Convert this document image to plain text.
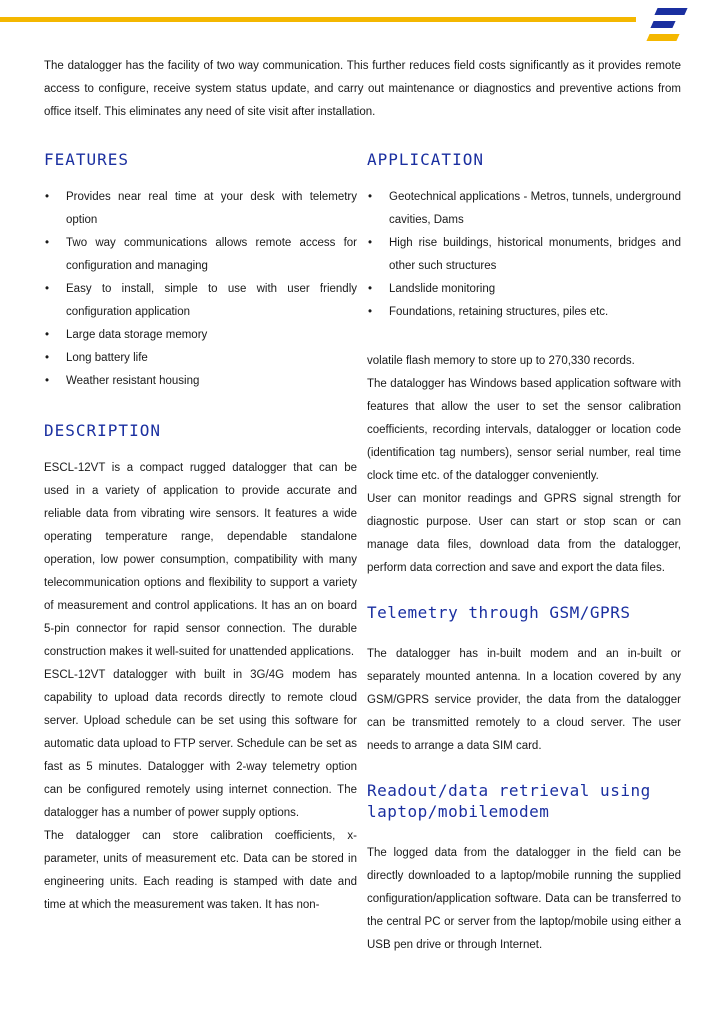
The datalogger has the facility of two way communication. This further reduces field costs significantly as it provides remote access to configure, receive system status update, and carry out maintenance or diagnostics and preventive actions from office itself. This eliminates any need of site visit after installation.

FEATURES
• Provides near real time at your desk with telemetry option
• Two way communications allows remote access for configuration and managing
• Easy to install, simple to use with user friendly configuration application
• Large data storage memory
• Long battery life
• Weather resistant housing
DESCRIPTION

ESCL-12VT is a compact rugged datalogger that can be used in a variety of application to provide accurate and reliable data from vibrating wire sensors. It features a wide operating temperature range, dependable standalone operation, low power consumption, compatibility with many telecommunication options and flexibility to support a variety of measurement and control applications. It has an on board 5-pin connector for rapid sensor connection. The durable construction makes it well-suited for unattended applications.

ESCL-12VT datalogger with built in 3G/4G modem has capability to upload data records directly to remote cloud server. Upload schedule can be set using this software for automatic data upload to FTP server. Schedule can be set as fast as 5 minutes. Datalogger with 2-way telemetry option can be configured remotely using internet connection. The datalogger has a number of power supply options.

The datalogger can store calibration coefficients, x-parameter, units of measurement etc. Data can be stored in engineering units. Each reading is stamped with date and time at which the measurement was taken. It has non-

APPLICATION
• Geotechnical applications - Metros, tunnels, underground cavities, Dams
• High rise buildings, historical monuments, bridges and other such structures
• Landslide monitoring
• Foundations, retaining structures, piles etc.

volatile flash memory to store up to 270,330 records.

The datalogger has Windows based application software with features that allow the user to set the sensor calibration coefficients, recording intervals, datalogger or location code (identification tag numbers), sensor serial number, real time clock time etc. of the datalogger conveniently.

User can monitor readings and GPRS signal strength for diagnostic purpose. User can start or stop scan or can manage data files, download data from the datalogger, perform data correction and save and export the data files.

Telemetry through GSM/GPRS

The datalogger has in-built modem and an in-built or separately mounted antenna. In a location covered by any GSM/GPRS service provider, the data from the datalogger can be transmitted remotely to a cloud server. The user needs to arrange a data SIM card.

Readout/data retrieval using laptop/mobilemodem

The logged data from the datalogger in the field can be directly downloaded to a laptop/mobile running the supplied configuration/application software. Data can be transferred to the central PC or server from the laptop/mobile using either a USB pen drive or through Internet.
